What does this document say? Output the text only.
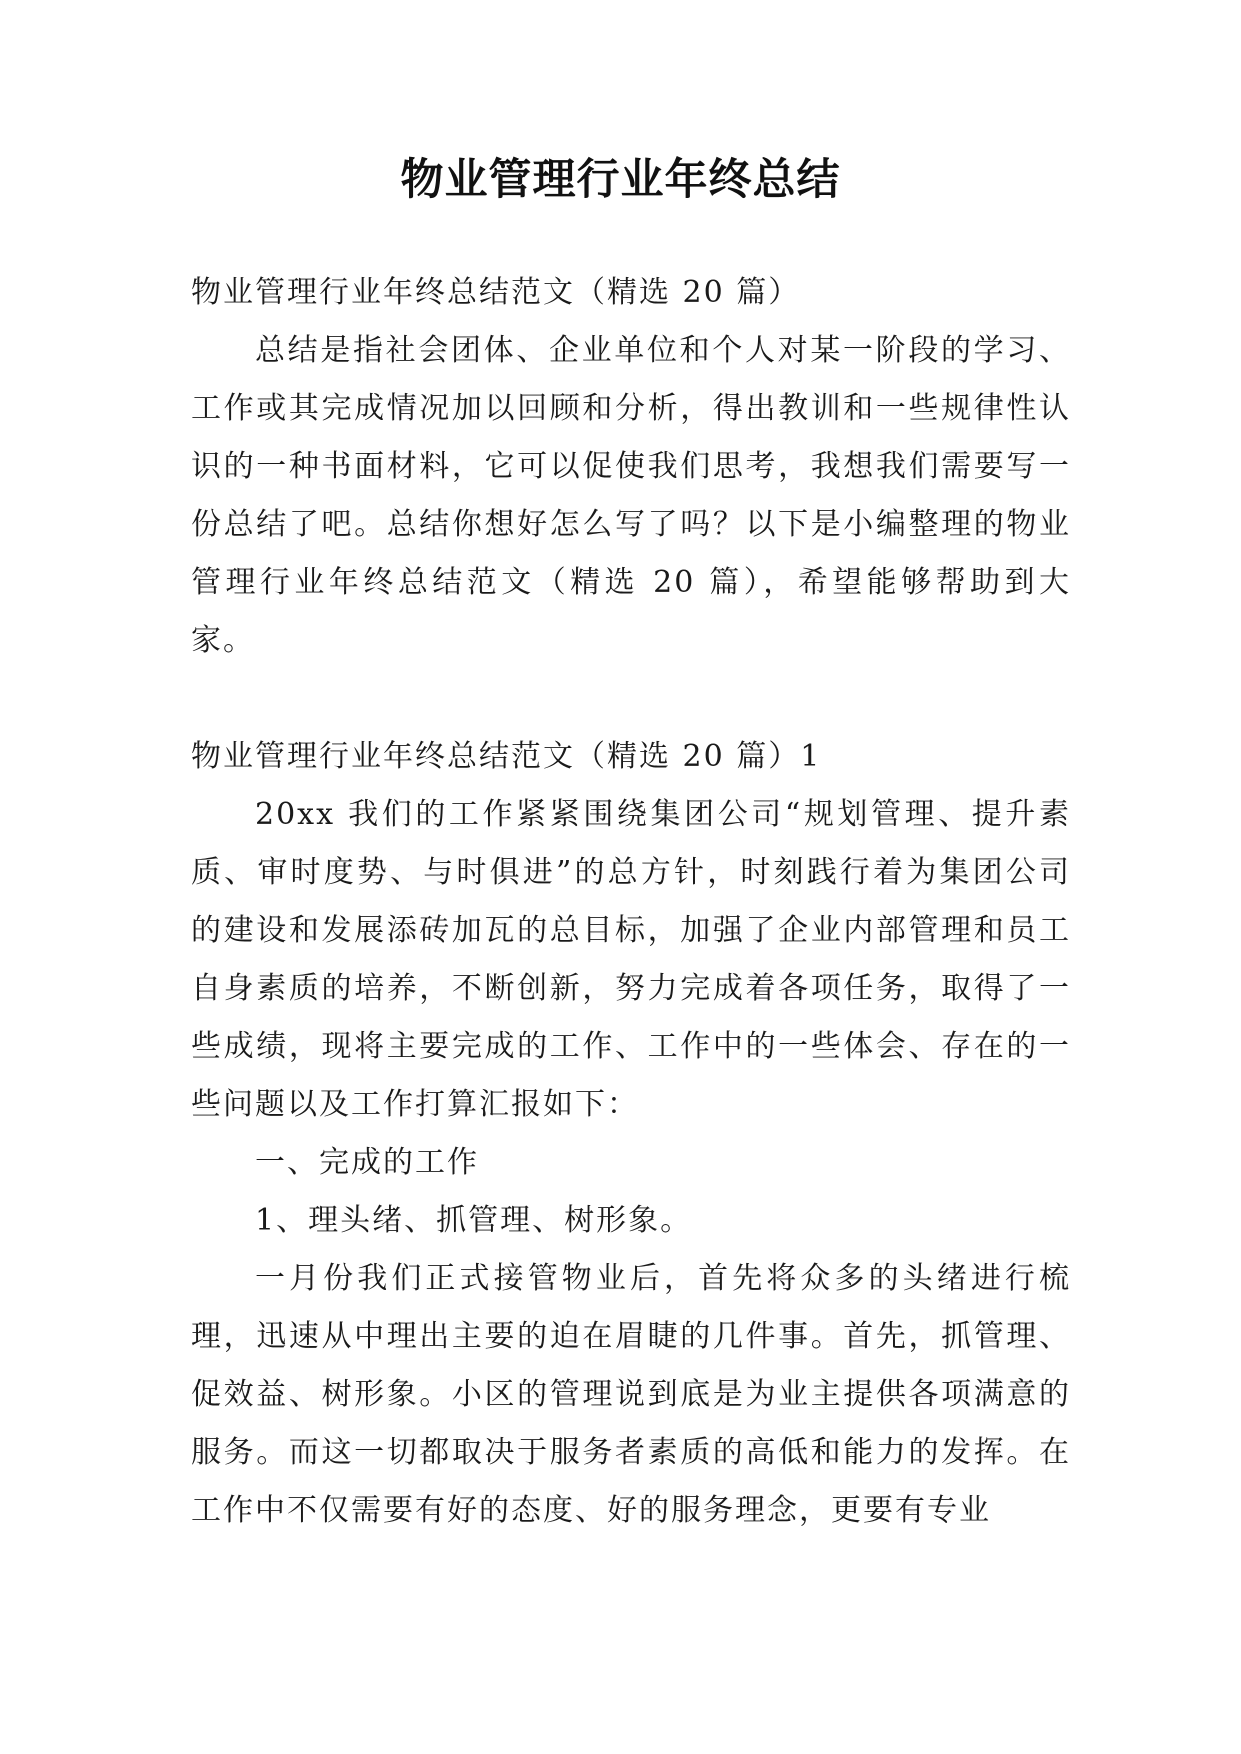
物业管理行业年终总结

物业管理行业年终总结范文（精选 20 篇）

总结是指社会团体、企业单位和个人对某一阶段的学习、工作或其完成情况加以回顾和分析，得出教训和一些规律性认识的一种书面材料，它可以促使我们思考，我想我们需要写一份总结了吧。总结你想好怎么写了吗？以下是小编整理的物业管理行业年终总结范文（精选 20 篇），希望能够帮助到大家。

物业管理行业年终总结范文（精选 20 篇）1

20xx 我们的工作紧紧围绕集团公司“规划管理、提升素质、审时度势、与时俱进”的总方针，时刻践行着为集团公司的建设和发展添砖加瓦的总目标，加强了企业内部管理和员工自身素质的培养，不断创新，努力完成着各项任务，取得了一些成绩，现将主要完成的工作、工作中的一些体会、存在的一些问题以及工作打算汇报如下：

一、完成的工作

1、理头绪、抓管理、树形象。

一月份我们正式接管物业后，首先将众多的头绪进行梳理，迅速从中理出主要的迫在眉睫的几件事。首先，抓管理、促效益、树形象。小区的管理说到底是为业主提供各项满意的服务。而这一切都取决于服务者素质的高低和能力的发挥。在工作中不仅需要有好的态度、好的服务理念，更要有专业
